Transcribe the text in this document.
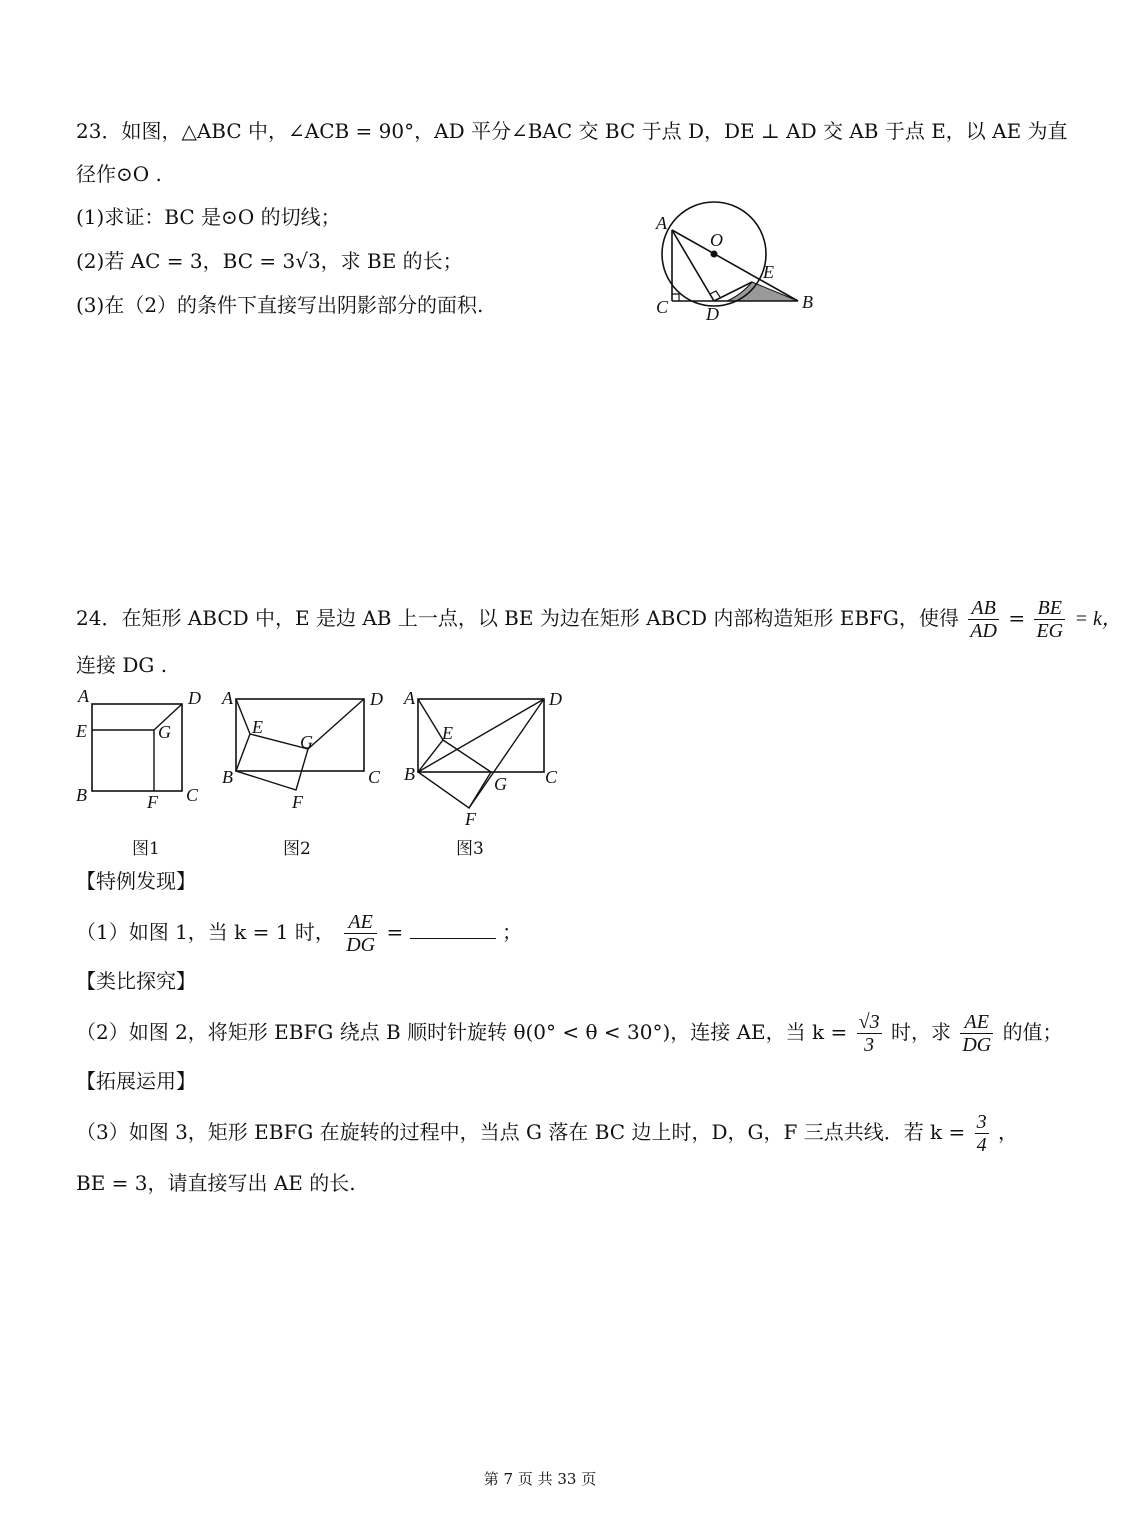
23．如图，△ABC 中，∠ACB = 90°，AD 平分∠BAC 交 BC 于点 D，DE ⊥ AD 交 AB 于点 E，以 AE 为直
径作⊙O .
(1)求证：BC 是⊙O 的切线；
(2)若 AC = 3，BC = 3√3，求 BE 的长；
(3)在（2）的条件下直接写出阴影部分的面积.
A
O
E
C D
B
24．在矩形 ABCD 中，E 是边 AB 上一点，以 BE 为边在矩形 ABCD 内部构造矩形 EBFG，使得 $\frac{AB}{AD} = \frac{BE}{EG} = k$，
连接 DG .
A	D
E	G
B	F C
图1
A	D
E
G
B
F
C
图2
A	D
E
B	G C
F
图3
【特例发现】
（1）如图 1，当 k = 1 时， $\frac{AE}{DG}$ =	；
【类比探究】
（2）如图 2，将矩形 EBFG 绕点 B 顺时针旋转 θ(0° < θ < 30°)，连接 AE，当 $k = \frac{√3}{3}$ 时，求 $\frac{AE}{DG}$ 的值；
【拓展运用】
（3）如图 3，矩形 EBFG 在旋转的过程中，当点 G 落在 BC 边上时，D，G，F 三点共线．若 $k = \frac{3}{4}$ ，
BE = 3，请直接写出 AE 的长.
第 7 页 共 33 页
